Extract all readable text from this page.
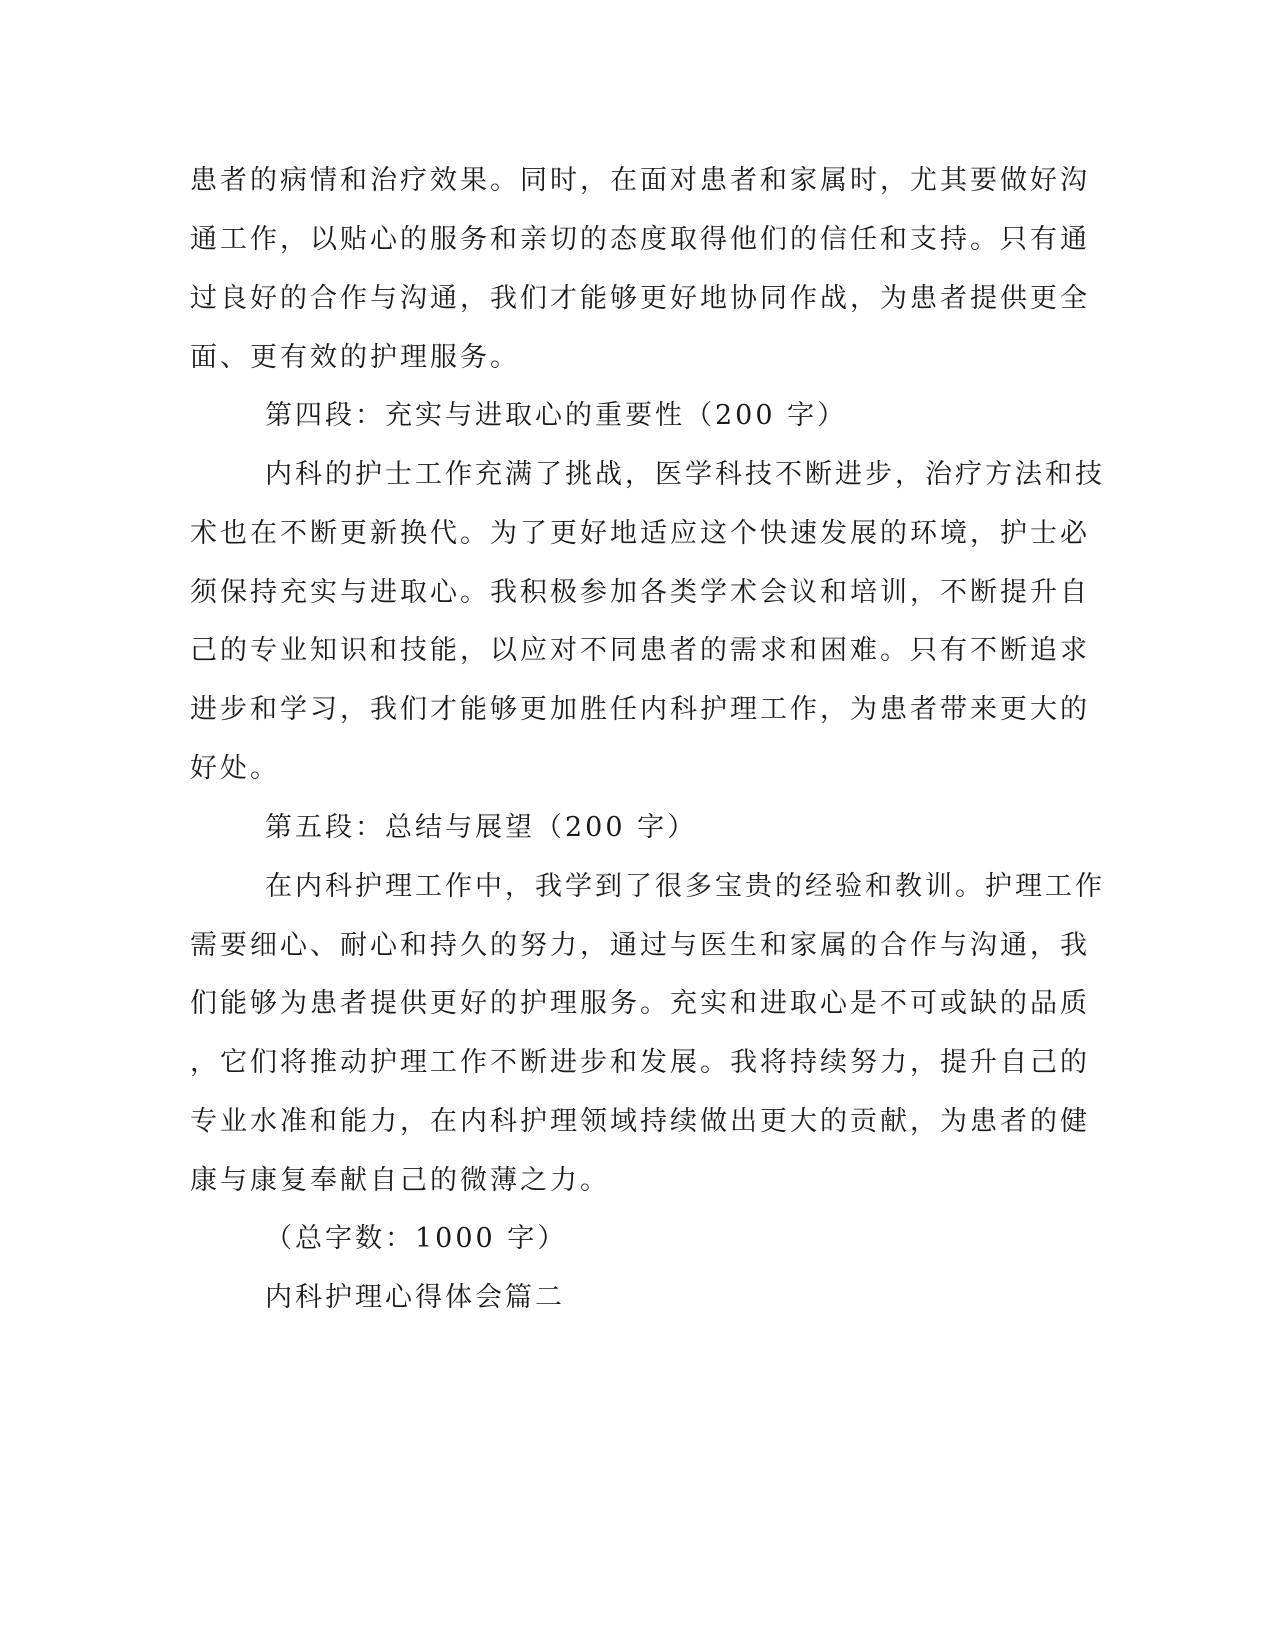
患者的病情和治疗效果。同时，在面对患者和家属时，尤其要做好沟
通工作，以贴心的服务和亲切的态度取得他们的信任和支持。只有通
过良好的合作与沟通，我们才能够更好地协同作战，为患者提供更全
面、更有效的护理服务。
第四段：充实与进取心的重要性（200 字）
内科的护士工作充满了挑战，医学科技不断进步，治疗方法和技
术也在不断更新换代。为了更好地适应这个快速发展的环境，护士必
须保持充实与进取心。我积极参加各类学术会议和培训，不断提升自
己的专业知识和技能，以应对不同患者的需求和困难。只有不断追求
进步和学习，我们才能够更加胜任内科护理工作，为患者带来更大的
好处。
第五段：总结与展望（200 字）
在内科护理工作中，我学到了很多宝贵的经验和教训。护理工作
需要细心、耐心和持久的努力，通过与医生和家属的合作与沟通，我
们能够为患者提供更好的护理服务。充实和进取心是不可或缺的品质
，它们将推动护理工作不断进步和发展。我将持续努力，提升自己的
专业水准和能力，在内科护理领域持续做出更大的贡献，为患者的健
康与康复奉献自己的微薄之力。
（总字数：1000 字）
内科护理心得体会篇二
